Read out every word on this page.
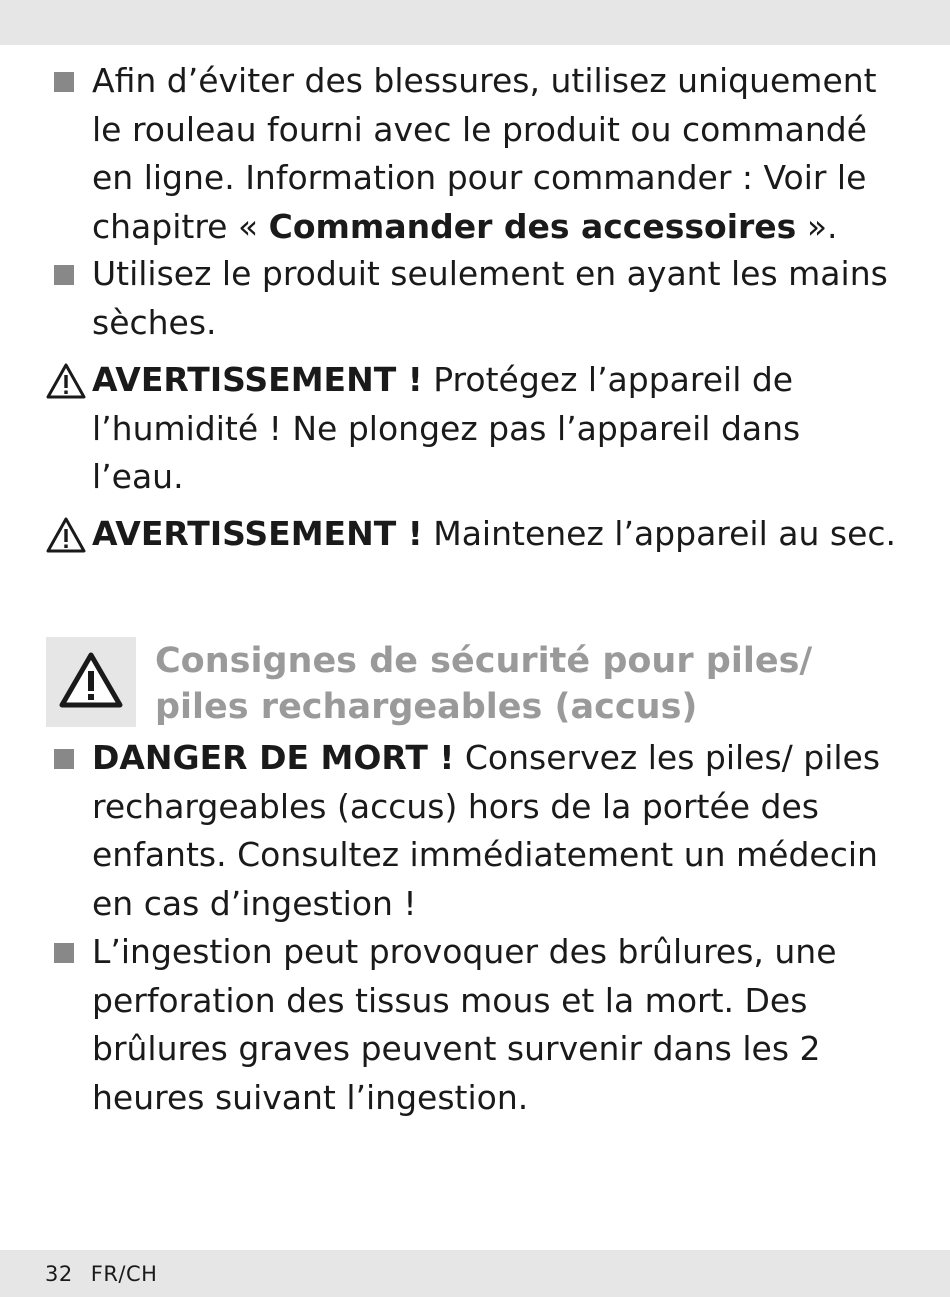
Afin d’éviter des blessures, utilisez uniquement le rouleau fourni avec le produit ou commandé en ligne. Information pour commander : Voir le chapitre « Commander des accessoires ».

Utilisez le produit seulement en ayant les mains sèches.

AVERTISSEMENT ! Protégez l’appareil de l’humidité ! Ne plongez pas l’appareil dans l’eau.

AVERTISSEMENT ! Maintenez l’appareil au sec.

Consignes de sécurité pour piles/
piles rechargeables (accus)

DANGER DE MORT ! Conservez les piles/ piles rechargeables (accus) hors de la portée des enfants. Consultez immédiatement un médecin en cas d’ingestion !

L’ingestion peut provoquer des brûlures, une perforation des tissus mous et la mort. Des brûlures graves peuvent survenir dans les 2 heures suivant l’ingestion.

32 FR/CH
